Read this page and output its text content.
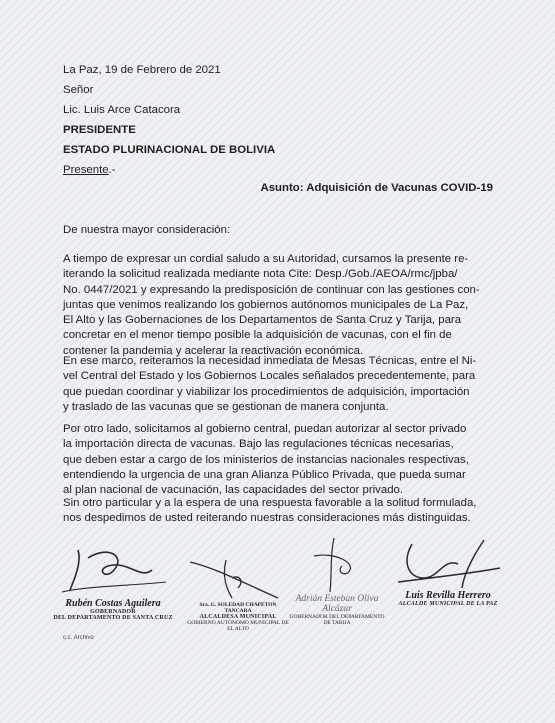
La Paz, 19 de Febrero de 2021
Señor
Lic. Luis Arce Catacora
PRESIDENTE
ESTADO PLURINACIONAL DE BOLIVIA
Presente.-
Asunto: Adquisición de Vacunas COVID-19
De nuestra mayor consideración:
A tiempo de expresar un cordial saludo a su Autoridad, cursamos la presente re-
iterando la solicitud realizada mediante nota Cite: Desp./Gob./AEOA/rmc/jpba/
No. 0447/2021 y expresando la predisposición de continuar con las gestiones con-
juntas que venimos realizando los gobiernos autónomos municipales de La Paz,
El Alto y las Gobernaciones de los Departamentos de Santa Cruz y Tarija, para
concretar en el menor tiempo posible la adquisición de vacunas, con el fin de
contener la pandemia y acelerar la reactivación económica.
En ese marco, reiteramos la necesidad inmediata de Mesas Técnicas, entre el Ni-
vel Central del Estado y los Gobiernos Locales señalados precedentemente, para
que puedan coordinar y viabilizar los procedimientos de adquisición, importación
y traslado de las vacunas que se gestionan de manera conjunta.
Por otro lado, solicitamos al gobierno central, puedan autorizar al sector privado
la importación directa de vacunas. Bajo las regulaciones técnicas necesarias,
que deben estar a cargo de los ministerios de instancias nacionales respectivas,
entendiendo la urgencia de una gran Alianza Público Privada, que pueda sumar
al plan nacional de vacunación, las capacidades del sector privado.
Sin otro particular y a la espera de una respuesta favorable a la solitud formulada,
nos despedimos de usted reiterando nuestras consideraciones más distinguidas.
Rubén Costas Aguilera
GOBERNADOR
DEL DEPARTAMENTO DE SANTA CRUZ
Sra. G. SOLEDAD CHAPETON TANCARA
ALCALDESA MUNICIPAL
GOBIERNO AUTÓNOMO MUNICIPAL DE EL ALTO
Adrián Esteban Oliva Alcázar
GOBERNADOR DEL DEPARTAMENTO
DE TARIJA
Luis Revilla Herrero
ALCALDE MUNICIPAL DE LA PAZ
c.c. Archivo
